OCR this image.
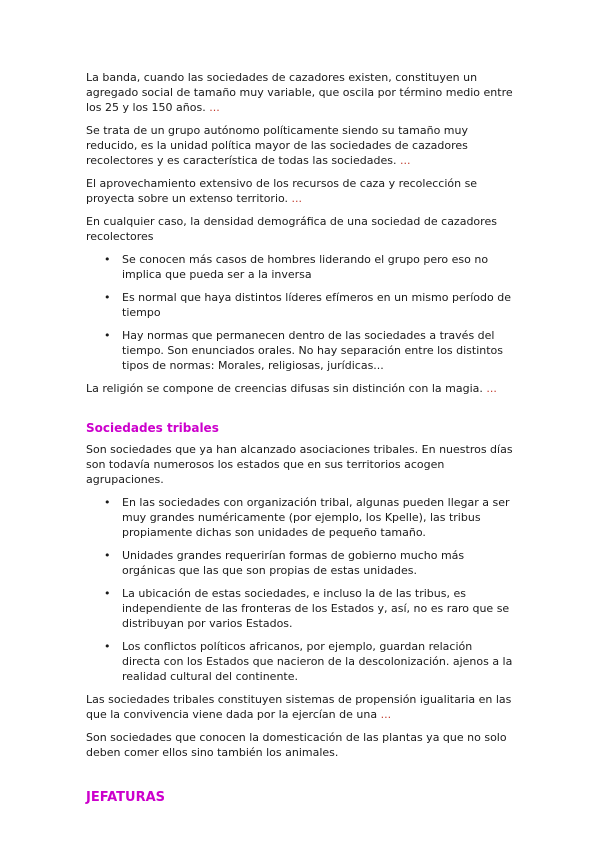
La banda, cuando las sociedades de cazadores existen, constituyen un agregado social de tamaño muy variable, que oscila por término medio entre los 25 y los 150 años. ...

Se trata de un grupo autónomo políticamente siendo su tamaño muy reducido, es la unidad política mayor de las sociedades de cazadores recolectores y es característica de todas las sociedades. ...

El aprovechamiento extensivo de los recursos de caza y recolección se proyecta sobre un extenso territorio. ...

En cualquier caso, la densidad demográfica de una sociedad de cazadores recolectores

• Se conocen más casos de hombres liderando el grupo pero eso no implica que pueda ser a la inversa
• Es normal que haya distintos líderes efímeros en un mismo período de tiempo
• Hay normas que permanecen dentro de las sociedades a través del tiempo. Son enunciados orales. No hay separación entre los distintos tipos de normas: Morales, religiosas, jurídicas...

La religión se compone de creencias difusas sin distinción con la magia. ...

Sociedades tribales

Son sociedades que ya han alcanzado asociaciones tribales. En nuestros días son todavía numerosos los estados que en sus territorios acogen agrupaciones.

• En las sociedades con organización tribal, algunas pueden llegar a ser muy grandes numéricamente (por ejemplo, los Kpelle), las tribus propiamente dichas son unidades de pequeño tamaño.
• Unidades grandes requerirían formas de gobierno mucho más orgánicas que las que son propias de estas unidades.
• La ubicación de estas sociedades, e incluso la de las tribus, es independiente de las fronteras de los Estados y, así, no es raro que se distribuyan por varios Estados.
• Los conflictos políticos africanos, por ejemplo, guardan relación directa con los Estados que nacieron de la descolonización. ajenos a la realidad cultural del continente.

Las sociedades tribales constituyen sistemas de propensión igualitaria en las que la convivencia viene dada por la ejercían de una ...

Son sociedades que conocen la domesticación de las plantas ya que no solo deben comer ellos sino también los animales.

JEFATURAS
